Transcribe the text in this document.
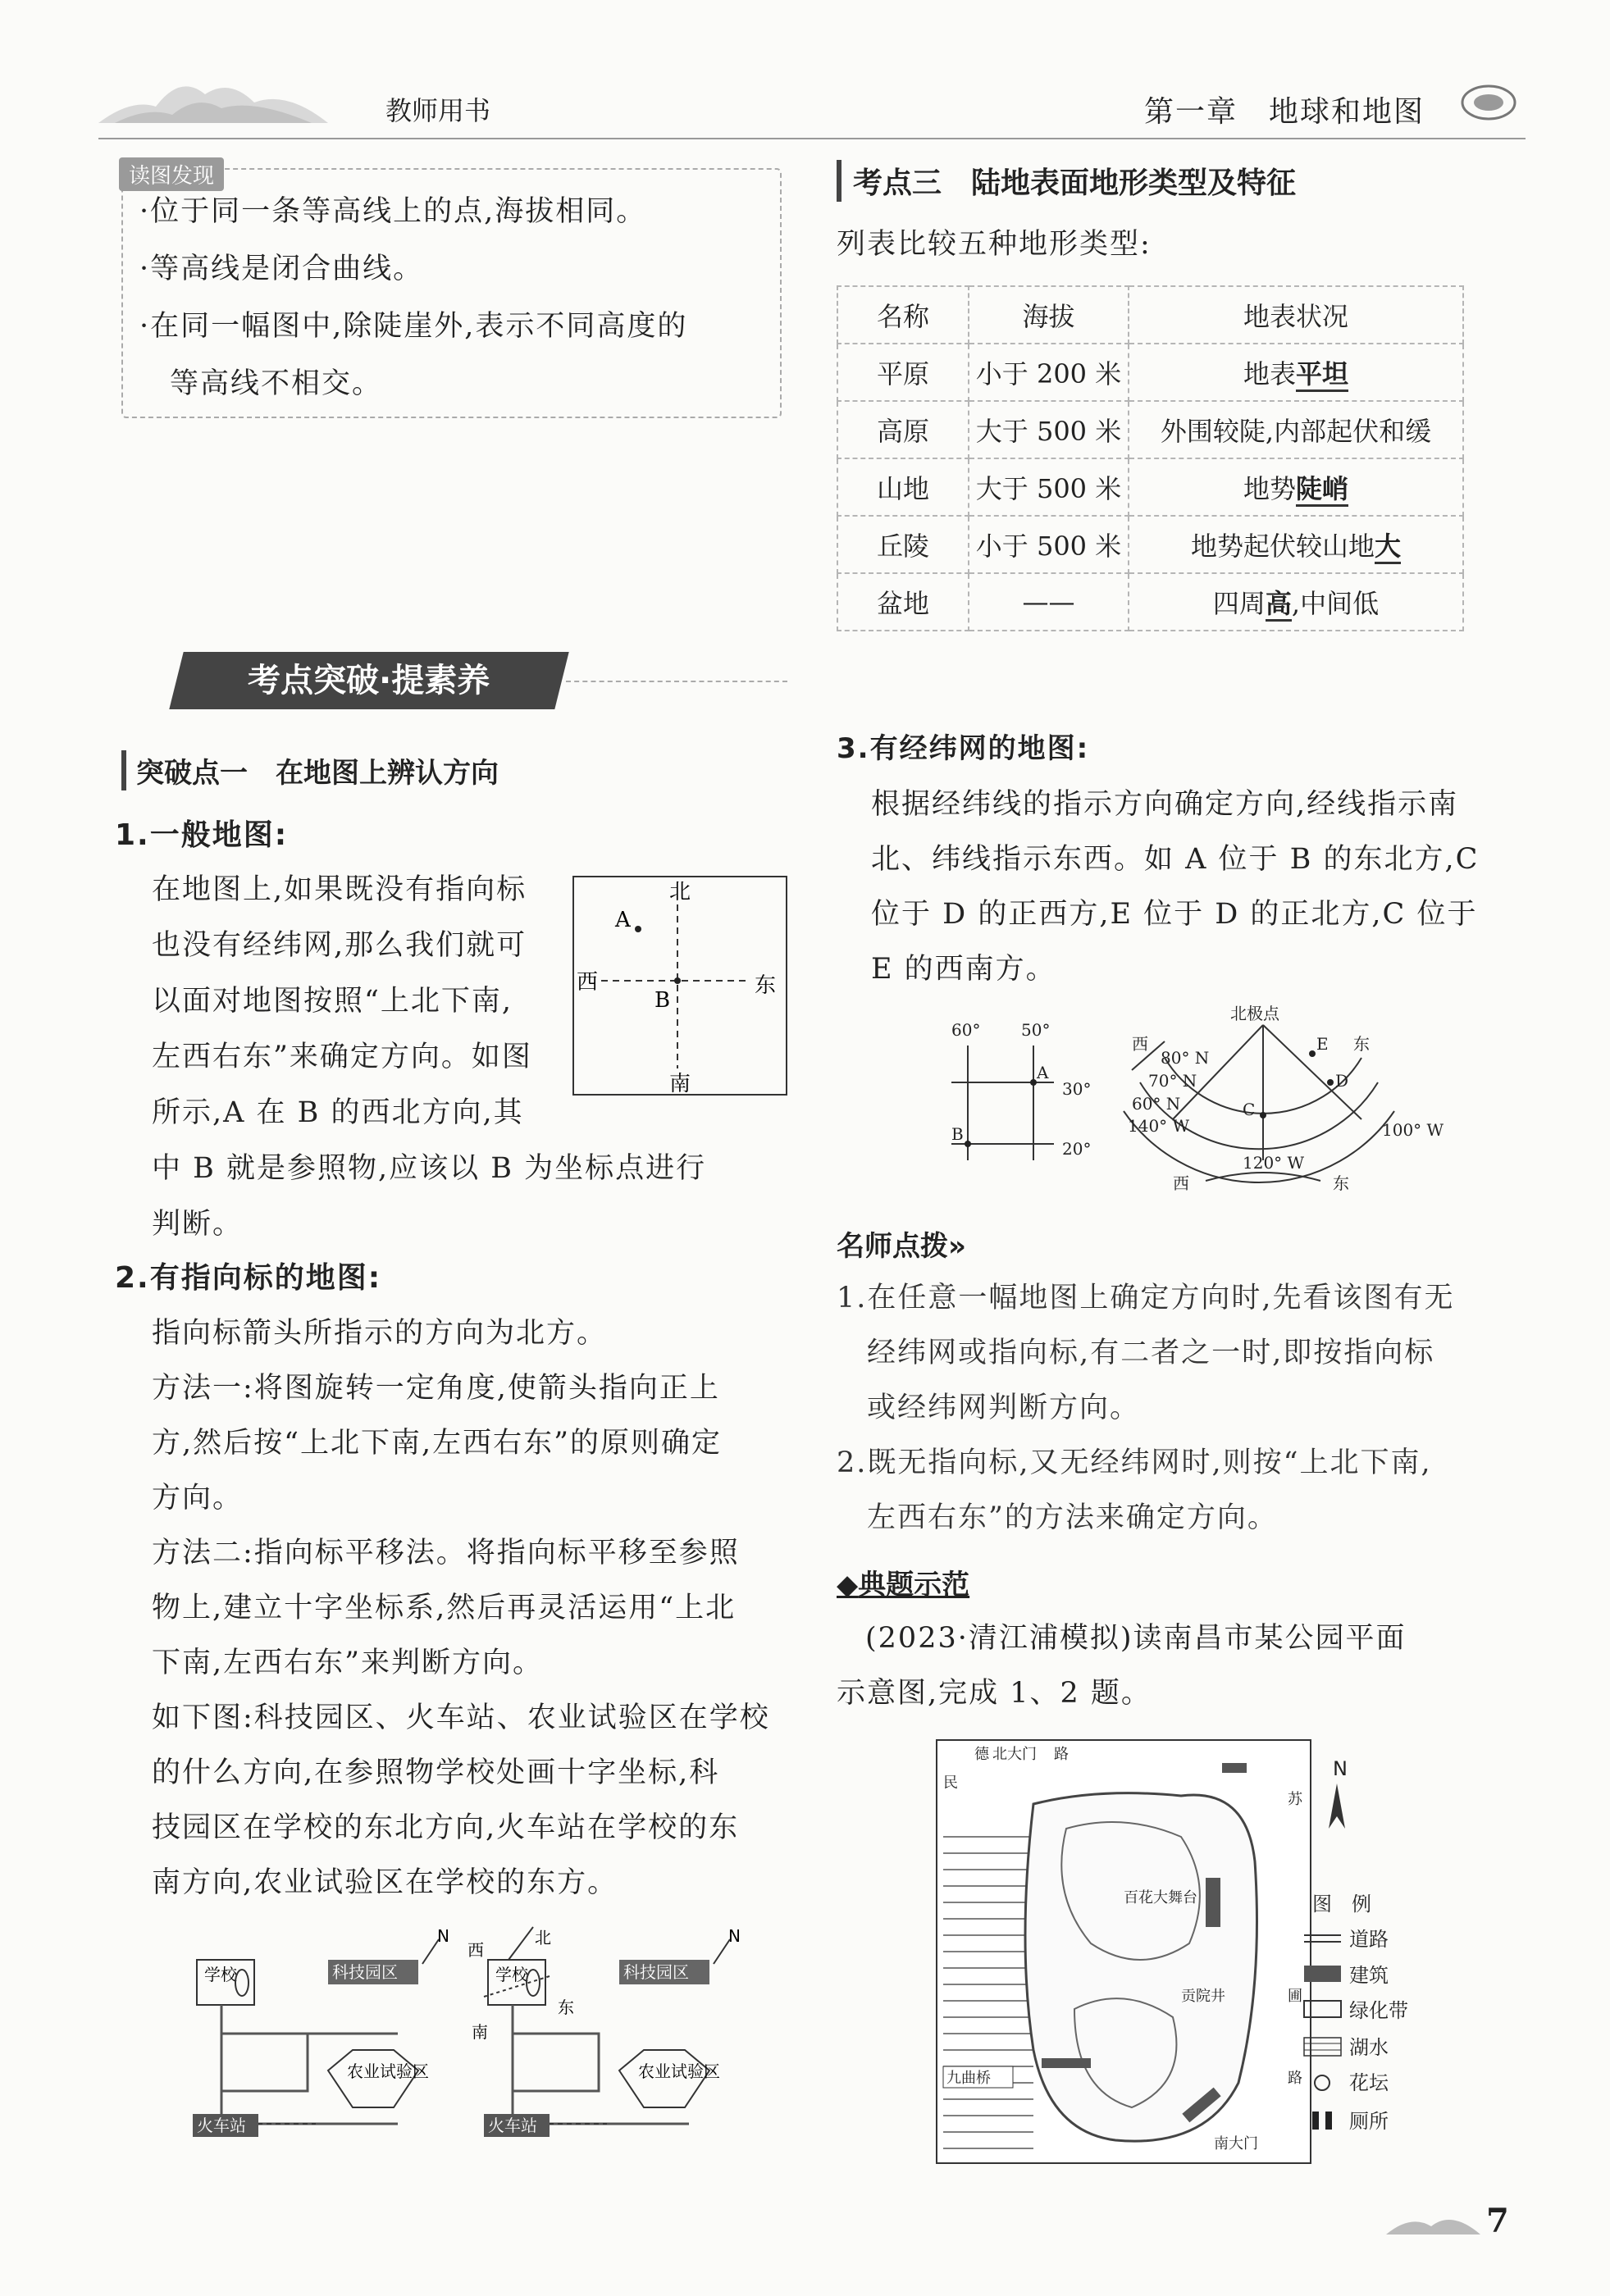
教师用书	第一章　地球和地图
读图发现
·位于同一条等高线上的点,海拔相同。
·等高线是闭合曲线。
·在同一幅图中,除陡崖外,表示不同高度的
　等高线不相交。
考点突破·提素养
突破点一　在地图上辨认方向
1.一般地图:
在地图上,如果既没有指向标
也没有经纬网,那么我们就可
以面对地图按照“上北下南,
左西右东”来确定方向。如图
所示,A 在 B 的西北方向,其
中 B 就是参照物,应该以 B 为坐标点进行
判断。
北
南
西	东
A
B
2.有指向标的地图:
指向标箭头所指示的方向为北方。
方法一:将图旋转一定角度,使箭头指向正上
方,然后按“上北下南,左西右东”的原则确定
方向。
方法二:指向标平移法。将指向标平移至参照
物上,建立十字坐标系,然后再灵活运用“上北
下南,左西右东”来判断方向。
如下图:科技园区、火车站、农业试验区在学校
的什么方向,在参照物学校处画十字坐标,科
技园区在学校的东北方向,火车站在学校的东
南方向,农业试验区在学校的东方。
学校	科技园区
农业试验区
火车站
N
学校
北
西
南
东
科技园区
农业试验区
火车站
N
考点三　陆地表面地形类型及特征
列表比较五种地形类型:
名称	海拔	地表状况
平原	小于 200 米	地表平坦
高原	大于 500 米	外围较陡,内部起伏和缓
山地	大于 500 米	地势陡峭
丘陵	小于 500 米	地势起伏较山地大
盆地	——	四周高,中间低
3.有经纬网的地图:
根据经纬线的指示方向确定方向,经线指示南
北、纬线指示东西。如 A 位于 B 的东北方,C
位于 D 的正西方,E 位于 D 的正北方,C 位于
E 的西南方。
60° 50°
30°
20°
A
B
北极点
西	东
80° N
70° N
60° N
140° W
120° W
100° W
C
D
E
西	东
名师点拨»
1.在任意一幅地图上确定方向时,先看该图有无
　经纬网或指向标,有二者之一时,即按指向标
　或经纬网判断方向。
2.既无指向标,又无经纬网时,则按“上北下南,
　左西右东”的方法来确定方向。
◆典题示范
(2023·清江浦模拟)读南昌市某公园平面
示意图,完成 1、2 题。
德 北大门 路
民
苏
圃
百花大舞台
贡院井
九曲桥	路
南大门
N
图　例
道路
建筑
绿化带
湖水
花坛
厕所
7
